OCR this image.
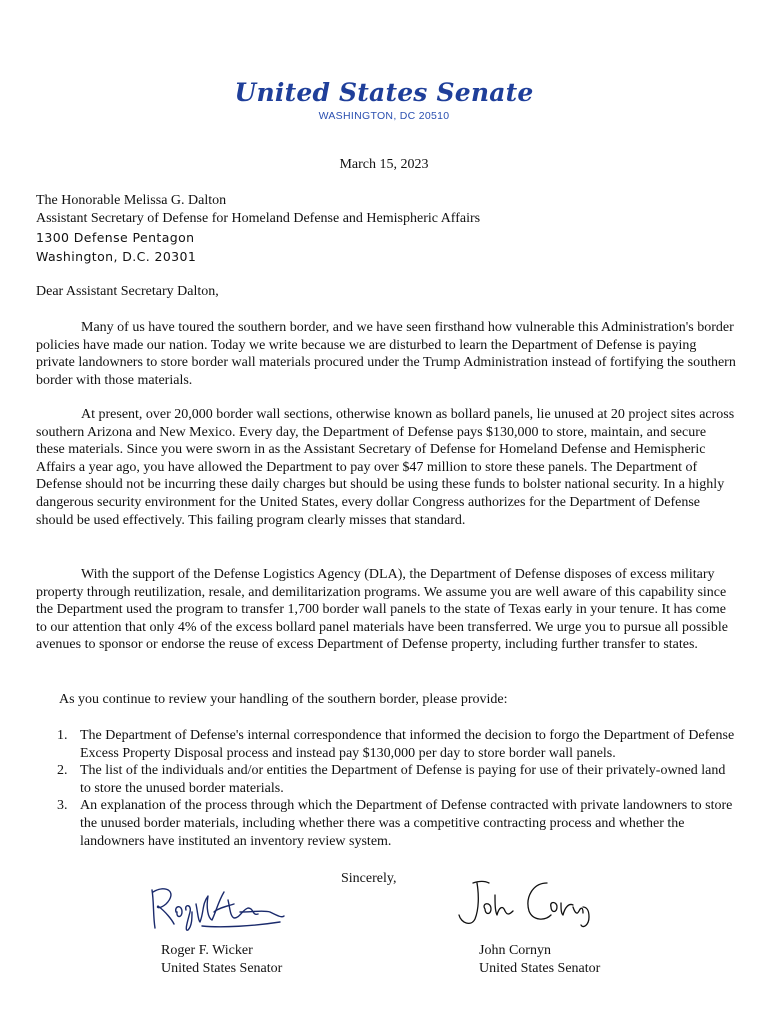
United States Senate
WASHINGTON, DC 20510
March 15, 2023
The Honorable Melissa G. Dalton
Assistant Secretary of Defense for Homeland Defense and Hemispheric Affairs
1300 Defense Pentagon
Washington, D.C. 20301
Dear Assistant Secretary Dalton,

Many of us have toured the southern border, and we have seen firsthand how vulnerable this Administration's border policies have made our nation. Today we write because we are disturbed to learn the Department of Defense is paying private landowners to store border wall materials procured under the Trump Administration instead of fortifying the southern border with those materials.

At present, over 20,000 border wall sections, otherwise known as bollard panels, lie unused at 20 project sites across southern Arizona and New Mexico. Every day, the Department of Defense pays $130,000 to store, maintain, and secure these materials. Since you were sworn in as the Assistant Secretary of Defense for Homeland Defense and Hemispheric Affairs a year ago, you have allowed the Department to pay over $47 million to store these panels. The Department of Defense should not be incurring these daily charges but should be using these funds to bolster national security. In a highly dangerous security environment for the United States, every dollar Congress authorizes for the Department of Defense should be used effectively. This failing program clearly misses that standard.

With the support of the Defense Logistics Agency (DLA), the Department of Defense disposes of excess military property through reutilization, resale, and demilitarization programs. We assume you are well aware of this capability since the Department used the program to transfer 1,700 border wall panels to the state of Texas early in your tenure. It has come to our attention that only 4% of the excess bollard panel materials have been transferred. We urge you to pursue all possible avenues to sponsor or endorse the reuse of excess Department of Defense property, including further transfer to states.

As you continue to review your handling of the southern border, please provide:
1. The Department of Defense's internal correspondence that informed the decision to forgo the Department of Defense Excess Property Disposal process and instead pay $130,000 per day to store border wall panels.
2. The list of the individuals and/or entities the Department of Defense is paying for use of their privately-owned land to store the unused border materials.
3. An explanation of the process through which the Department of Defense contracted with private landowners to store the unused border materials, including whether there was a competitive contracting process and whether the landowners have instituted an inventory review system.
Sincerely,
Roger F. Wicker
United States Senator
John Cornyn
United States Senator
